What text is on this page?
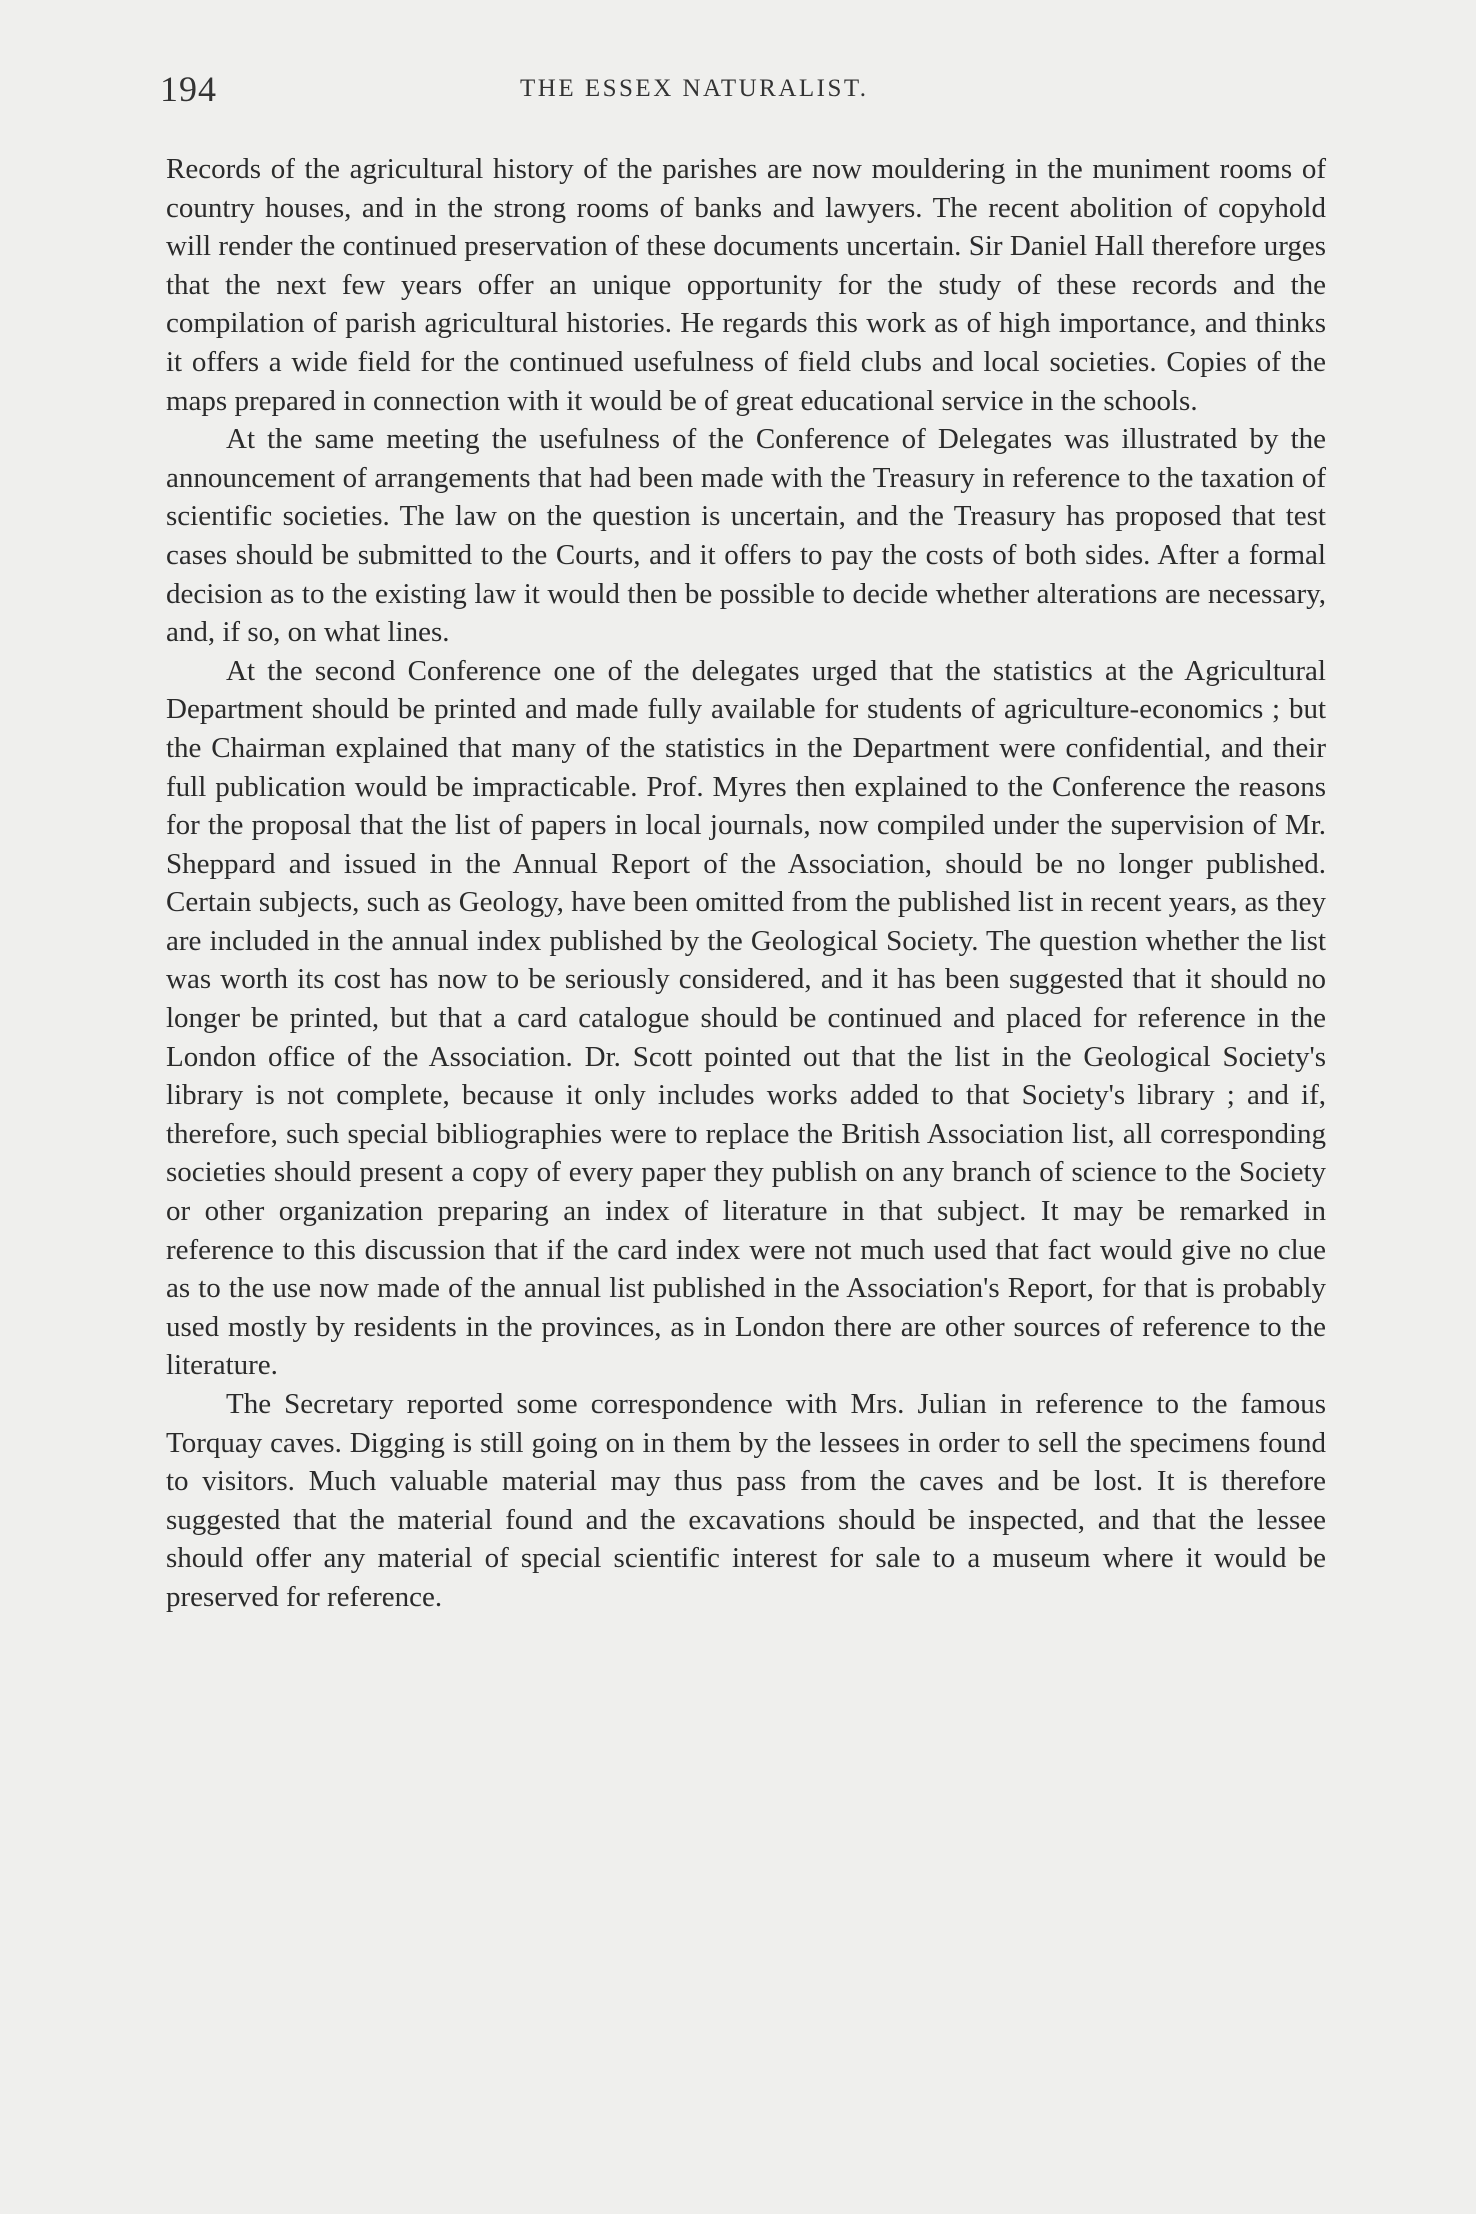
194	THE ESSEX NATURALIST.

Records of the agricultural history of the parishes are now mouldering in the muniment rooms of country houses, and in the strong rooms of banks and lawyers. The recent abolition of copyhold will render the continued preservation of these documents uncertain. Sir Daniel Hall therefore urges that the next few years offer an unique opportunity for the study of these records and the compilation of parish agricultural histories. He regards this work as of high importance, and thinks it offers a wide field for the continued usefulness of field clubs and local societies. Copies of the maps prepared in connection with it would be of great educational service in the schools.

At the same meeting the usefulness of the Conference of Delegates was illustrated by the announcement of arrangements that had been made with the Treasury in reference to the taxation of scientific societies. The law on the question is uncertain, and the Treasury has proposed that test cases should be submitted to the Courts, and it offers to pay the costs of both sides. After a formal decision as to the existing law it would then be possible to decide whether alterations are necessary, and, if so, on what lines.

At the second Conference one of the delegates urged that the statistics at the Agricultural Department should be printed and made fully available for students of agriculture-economics ; but the Chairman explained that many of the statistics in the Department were confidential, and their full publication would be impracticable. Prof. Myres then explained to the Conference the reasons for the proposal that the list of papers in local journals, now compiled under the supervision of Mr. Sheppard and issued in the Annual Report of the Association, should be no longer published. Certain subjects, such as Geology, have been omitted from the published list in recent years, as they are included in the annual index published by the Geological Society. The question whether the list was worth its cost has now to be seriously considered, and it has been suggested that it should no longer be printed, but that a card catalogue should be continued and placed for reference in the London office of the Association. Dr. Scott pointed out that the list in the Geological Society's library is not complete, because it only includes works added to that Society's library ; and if, therefore, such special bibliographies were to replace the British Association list, all corresponding societies should present a copy of every paper they publish on any branch of science to the Society or other organization preparing an index of literature in that subject. It may be remarked in reference to this discussion that if the card index were not much used that fact would give no clue as to the use now made of the annual list published in the Association's Report, for that is probably used mostly by residents in the provinces, as in London there are other sources of reference to the literature.

The Secretary reported some correspondence with Mrs. Julian in reference to the famous Torquay caves. Digging is still going on in them by the lessees in order to sell the specimens found to visitors. Much valuable material may thus pass from the caves and be lost. It is therefore suggested that the material found and the excavations should be inspected, and that the lessee should offer any material of special scientific interest for sale to a museum where it would be preserved for reference.
